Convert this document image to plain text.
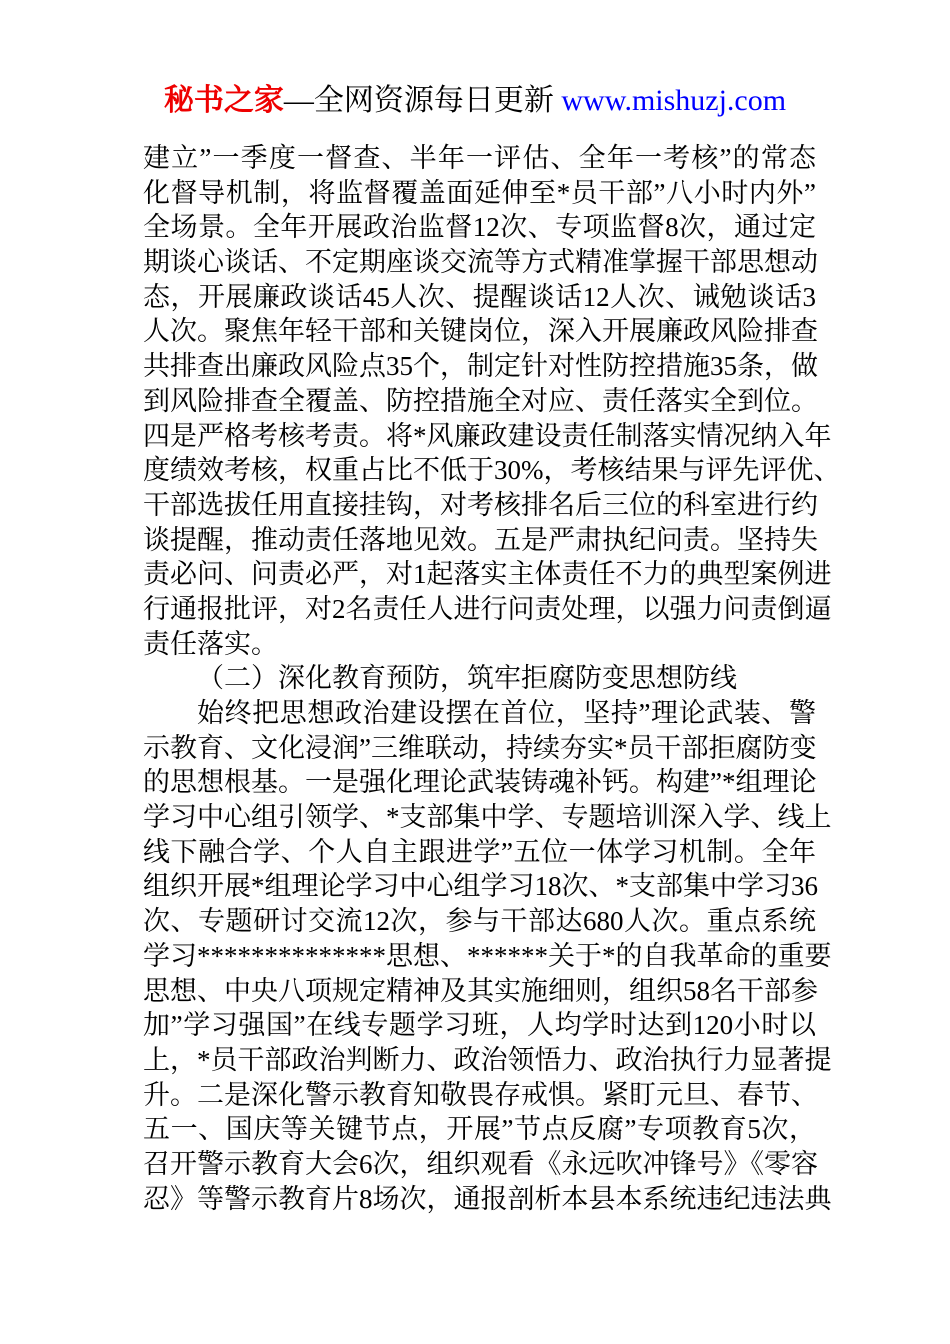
秘书之家—全网资源每日更新 www.mishuzj.com
建立”一季度一督查、半年一评估、全年一考核”的常态
化督导机制，将监督覆盖面延伸至*员干部”八小时内外”
全场景。全年开展政治监督12次、专项监督8次，通过定
期谈心谈话、不定期座谈交流等方式精准掌握干部思想动
态，开展廉政谈话45人次、提醒谈话12人次、诫勉谈话3
人次。聚焦年轻干部和关键岗位，深入开展廉政风险排查
共排查出廉政风险点35个，制定针对性防控措施35条，做
到风险排查全覆盖、防控措施全对应、责任落实全到位。
四是严格考核考责。将*风廉政建设责任制落实情况纳入年
度绩效考核，权重占比不低于30%，考核结果与评先评优、
干部选拔任用直接挂钩，对考核排名后三位的科室进行约
谈提醒，推动责任落地见效。五是严肃执纪问责。坚持失
责必问、问责必严，对1起落实主体责任不力的典型案例进
行通报批评，对2名责任人进行问责处理，以强力问责倒逼
责任落实。
（二）深化教育预防，筑牢拒腐防变思想防线
始终把思想政治建设摆在首位，坚持”理论武装、警
示教育、文化浸润”三维联动，持续夯实*员干部拒腐防变
的思想根基。一是强化理论武装铸魂补钙。构建”*组理论
学习中心组引领学、*支部集中学、专题培训深入学、线上
线下融合学、个人自主跟进学”五位一体学习机制。全年
组织开展*组理论学习中心组学习18次、*支部集中学习36
次、专题研讨交流12次，参与干部达680人次。重点系统
学习**************思想、******关于*的自我革命的重要
思想、中央八项规定精神及其实施细则，组织58名干部参
加”学习强国”在线专题学习班，人均学时达到120小时以
上，*员干部政治判断力、政治领悟力、政治执行力显著提
升。二是深化警示教育知敬畏存戒惧。紧盯元旦、春节、
五一、国庆等关键节点，开展”节点反腐”专项教育5次，
召开警示教育大会6次，组织观看《永远吹冲锋号》《零容
忍》等警示教育片8场次，通报剖析本县本系统违纪违法典
